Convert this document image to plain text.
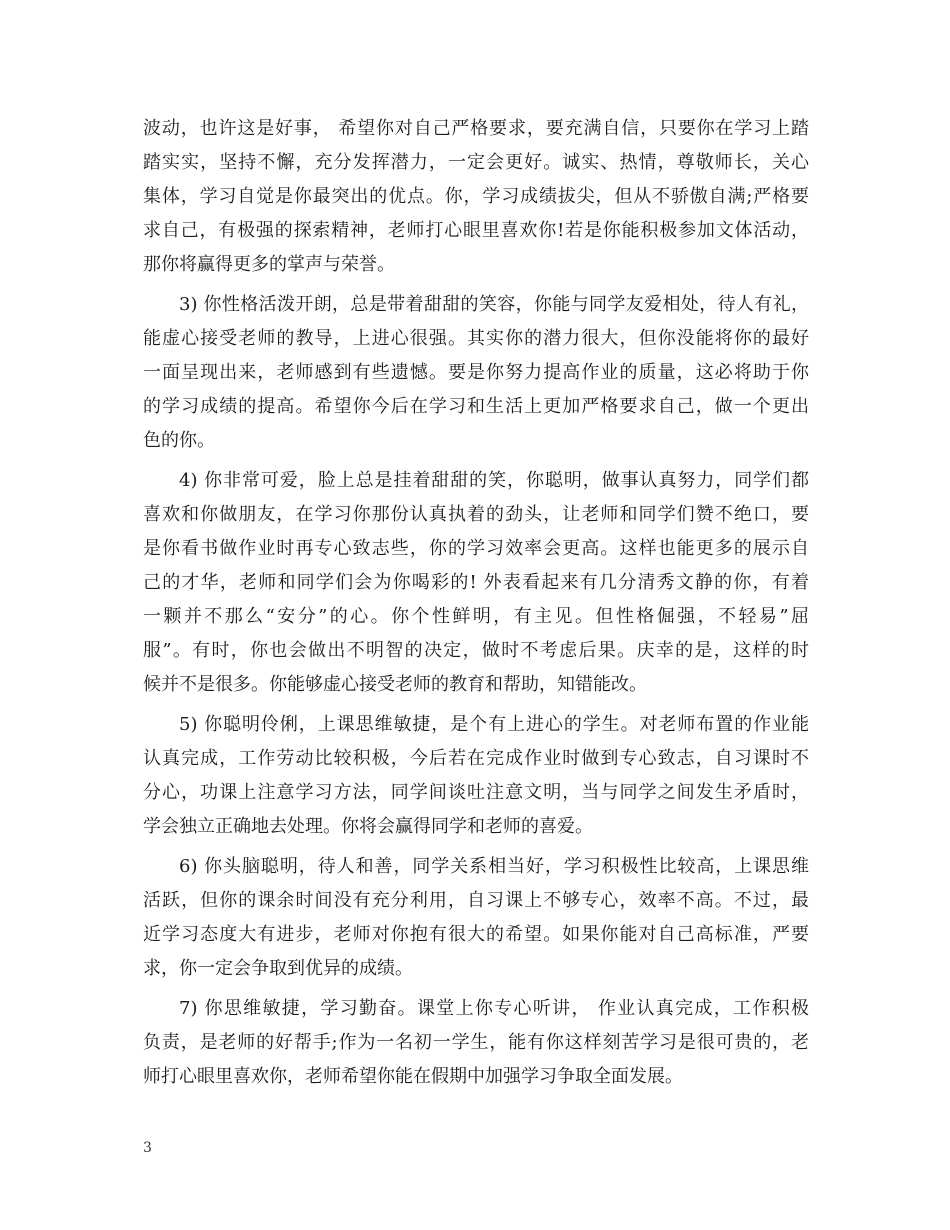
波动，也许这是好事， 希望你对自己严格要求，要充满自信，只要你在学习上踏
踏实实，坚持不懈，充分发挥潜力，一定会更好。诚实、热情，尊敬师长，关心
集体，学习自觉是你最突出的优点。你，学习成绩拔尖，但从不骄傲自满;严格要
求自己，有极强的探索精神，老师打心眼里喜欢你!若是你能积极参加文体活动，
那你将赢得更多的掌声与荣誉。
3) 你性格活泼开朗，总是带着甜甜的笑容，你能与同学友爱相处，待人有礼，
能虚心接受老师的教导，上进心很强。其实你的潜力很大，但你没能将你的最好
一面呈现出来，老师感到有些遗憾。要是你努力提高作业的质量，这必将助于你
的学习成绩的提高。希望你今后在学习和生活上更加严格要求自己，做一个更出
色的你。
4) 你非常可爱，脸上总是挂着甜甜的笑，你聪明，做事认真努力，同学们都
喜欢和你做朋友，在学习你那份认真执着的劲头，让老师和同学们赞不绝口，要
是你看书做作业时再专心致志些，你的学习效率会更高。这样也能更多的展示自
己的才华，老师和同学们会为你喝彩的! 外表看起来有几分清秀文静的你，有着
一颗并不那么“安分”的心。你个性鲜明，有主见。但性格倔强，不轻易”屈
服”。有时，你也会做出不明智的决定，做时不考虑后果。庆幸的是，这样的时
候并不是很多。你能够虚心接受老师的教育和帮助，知错能改。
5) 你聪明伶俐，上课思维敏捷，是个有上进心的学生。对老师布置的作业能
认真完成，工作劳动比较积极，今后若在完成作业时做到专心致志，自习课时不
分心，功课上注意学习方法，同学间谈吐注意文明，当与同学之间发生矛盾时，
学会独立正确地去处理。你将会赢得同学和老师的喜爱。
6) 你头脑聪明，待人和善，同学关系相当好，学习积极性比较高，上课思维
活跃，但你的课余时间没有充分利用，自习课上不够专心，效率不高。不过，最
近学习态度大有进步，老师对你抱有很大的希望。如果你能对自己高标准，严要
求，你一定会争取到优异的成绩。
7) 你思维敏捷，学习勤奋。课堂上你专心听讲， 作业认真完成，工作积极
负责，是老师的好帮手;作为一名初一学生，能有你这样刻苦学习是很可贵的，老
师打心眼里喜欢你，老师希望你能在假期中加强学习争取全面发展。
3
